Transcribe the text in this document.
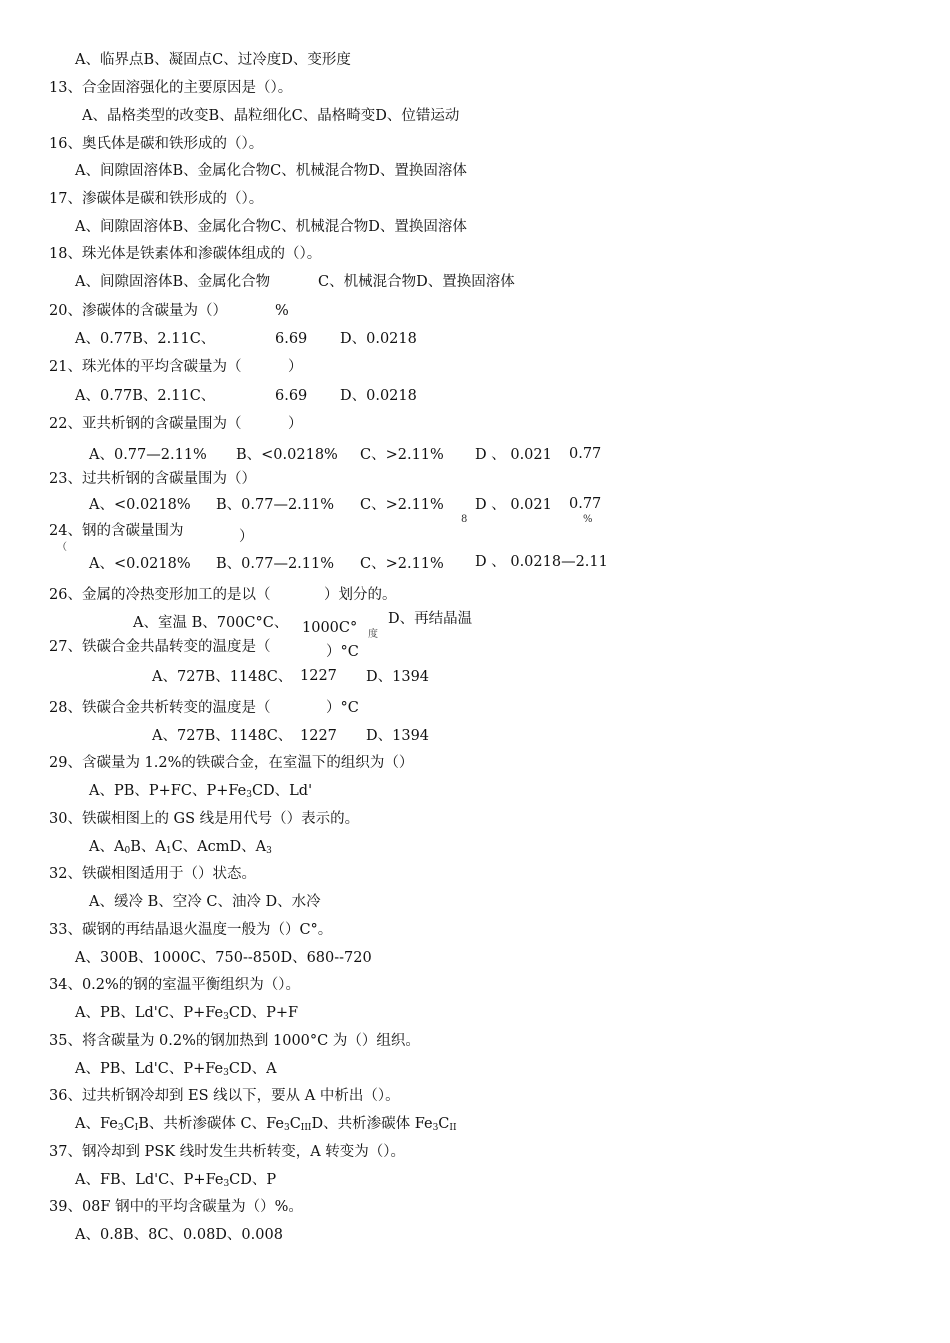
A、临界点B、凝固点C、过冷度D、变形度
13、合金固溶强化的主要原因是（）。
A、晶格类型的改变B、晶粒细化C、晶格畸变D、位错运动
16、奥氏体是碳和铁形成的（）。
A、间隙固溶体B、金属化合物C、机械混合物D、置换固溶体
17、渗碳体是碳和铁形成的（）。
A、间隙固溶体B、金属化合物C、机械混合物D、置换固溶体
18、珠光体是铁素体和渗碳体组成的（）。
A、间隙固溶体B、金属化合物	C、机械混合物D、置换固溶体
20、渗碳体的含碳量为（）	%
A、0.77B、2.11C、	6.69 D、0.0218
21、珠光体的平均含碳量为（	）
A、0.77B、2.11C、	6.69 D、0.0218
22、亚共析钢的含碳量围为（	）
A、0.77—2.11% B、<0.0218% C、>2.11% D 、 0.021 0.77
23、过共析钢的含碳量围为（）
A、<0.0218% B、0.77—2.11% C、>2.11% D 、 0.021 0.77
8	%
24、钢的含碳量围为	）
（
A、<0.0218% B、0.77—2.11% C、>2.11% D 、 0.0218—2.11
26、金属的冷热变形加工的是以（	）划分的。
A、室温 B、700C°C、 1000C°
D、再结晶温
度
27、铁碳合金共晶转变的温度是（	）°C
A、727B、1148C、 1227 D、1394
28、铁碳合金共析转变的温度是（	）°C
A、727B、1148C、 1227 D、1394
29、含碳量为 1.2%的铁碳合金，在室温下的组织为（）
A、PB、P+FC、$P+Fe_3CD$、Ld'
30、铁碳相图上的 GS 线是用代号（）表示的。
A、$A_0B$、$A_1C$、AcmD、$A_3$
32、铁碳相图适用于（）状态。
A、缓冷 B、空冷 C、油冷 D、水冷
33、碳钢的再结晶退火温度一般为（）C°。
A、300B、1000C、750--850D、680--720
34、0.2%的钢的室温平衡组织为（）。
A、PB、Ld'C、$P+Fe_3CD$、P+F
35、将含碳量为 0.2%的钢加热到 1000°C 为（）组织。
A、PB、Ld'C、$P+Fe_3CD$、A
36、过共析钢冷却到 ES 线以下，要从 A 中析出（）。
A、$Fe_3C_IB$、共析渗碳体 C、$Fe_3C_{III}D$、共析渗碳体 $Fe_3C_{II}$
37、钢冷却到 PSK 线时发生共析转变，A 转变为（）。
A、FB、Ld'C、$P+Fe_3CD$、P
39、08F 钢中的平均含碳量为（）%。
A、0.8B、8C、0.08D、0.008
